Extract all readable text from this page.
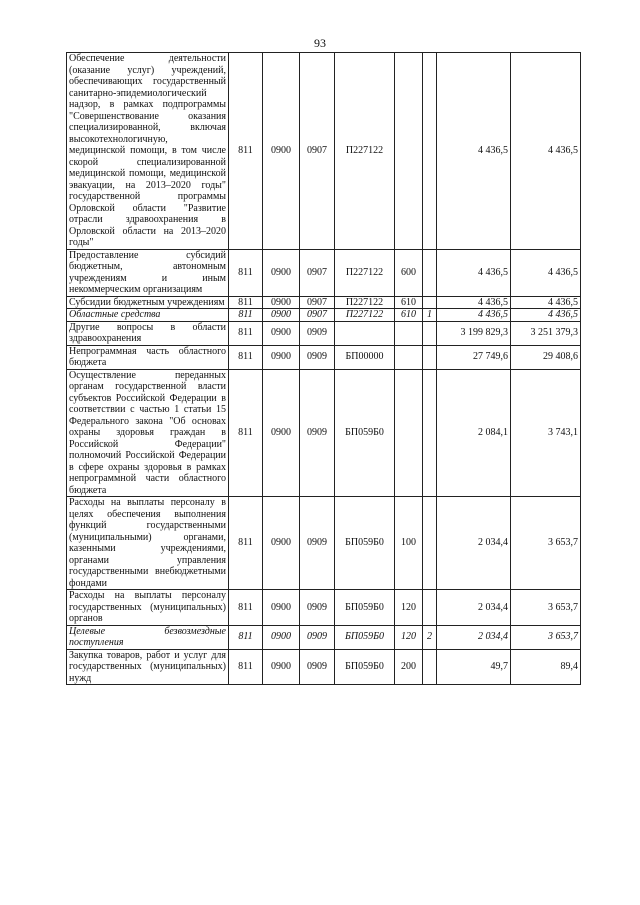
93
Обеспечение деятельности (оказание услуг) учреждений, обеспечивающих государственный санитарно-эпидемиологический надзор, в рамках подпрограммы "Совершенствование оказания специализированной, включая высокотехнологичную, медицинской помощи, в том числе скорой специализированной медицинской помощи, медицинской эвакуации, на 2013–2020 годы" государственной программы Орловской области "Развитие отрасли здравоохранения в Орловской области на 2013–2020 годы"	811	0900	0907	П227122			4 436,5	4 436,5
Предоставление субсидий бюджетным, автономным учреждениям и иным некоммерческим организациям	811	0900	0907	П227122	600		4 436,5	4 436,5
Субсидии бюджетным учреждениям	811	0900	0907	П227122	610		4 436,5	4 436,5
Областные средства	811	0900	0907	П227122	610	1	4 436,5	4 436,5
Другие вопросы в области здравоохранения	811	0900	0909				3 199 829,3	3 251 379,3
Непрограммная часть областного бюджета	811	0900	0909	БП00000			27 749,6	29 408,6
Осуществление переданных органам государственной власти субъектов Российской Федерации в соответствии с частью 1 статьи 15 Федерального закона "Об основах охраны здоровья граждан в Российской Федерации" полномочий Российской Федерации в сфере охраны здоровья в рамках непрограммной части областного бюджета	811	0900	0909	БП059Б0			2 084,1	3 743,1
Расходы на выплаты персоналу в целях обеспечения выполнения функций государственными (муниципальными) органами, казенными учреждениями, органами управления государственными внебюджетными фондами	811	0900	0909	БП059Б0	100		2 034,4	3 653,7
Расходы на выплаты персоналу государственных (муниципальных) органов	811	0900	0909	БП059Б0	120		2 034,4	3 653,7
Целевые безвозмездные поступления	811	0900	0909	БП059Б0	120	2	2 034,4	3 653,7
Закупка товаров, работ и услуг для государственных (муниципальных) нужд	811	0900	0909	БП059Б0	200		49,7	89,4
